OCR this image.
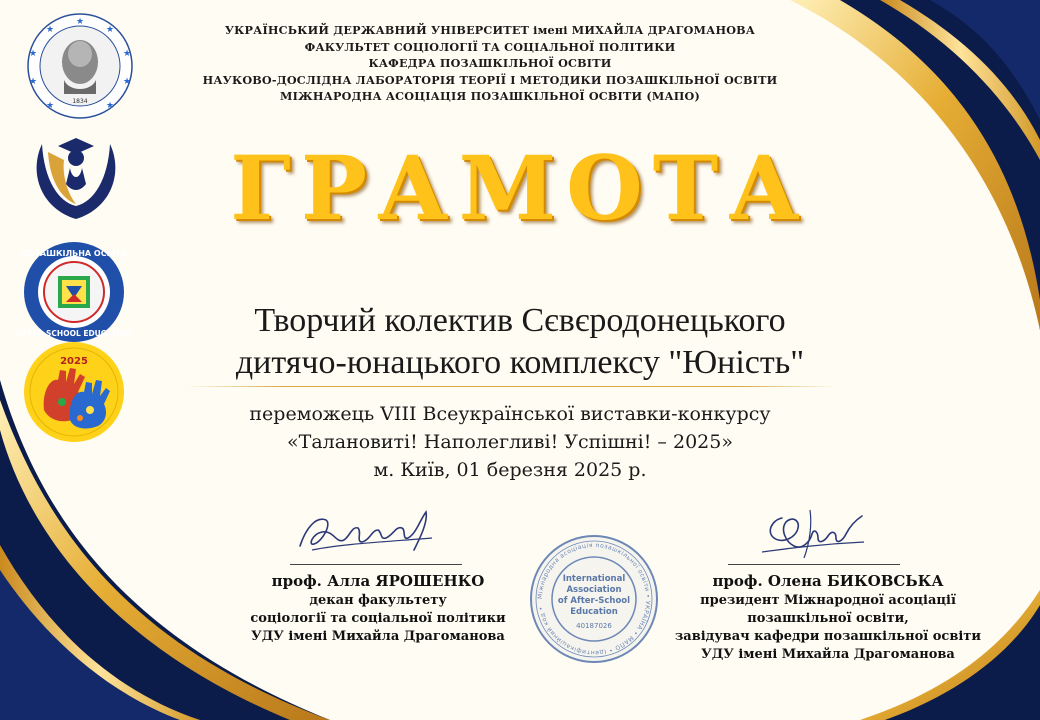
★
★
★
★
★
★
★
★
★
1834
ПОЗАШКІЛЬНА ОСВІТА
AFTER-SCHOOL EDUCATION
2025
УКРАЇНСЬКИЙ ДЕРЖАВНИЙ УНІВЕРСИТЕТ імені МИХАЙЛА ДРАГОМАНОВА
ФАКУЛЬТЕТ СОЦІОЛОГІЇ ТА СОЦІАЛЬНОЇ ПОЛІТИКИ
КАФЕДРА ПОЗАШКІЛЬНОЇ ОСВІТИ
НАУКОВО-ДОСЛІДНА ЛАБОРАТОРІЯ ТЕОРІЇ І МЕТОДИКИ ПОЗАШКІЛЬНОЇ ОСВІТИ
МІЖНАРОДНА АСОЦІАЦІЯ ПОЗАШКІЛЬНОЇ ОСВІТИ (МАПО)
ГРАМОТА
Творчий колектив Сєвєродонецького
дитячо-юнацького комплексу "Юність"
переможець VIII Всеукраїнської виставки-конкурсу
«Талановиті! Наполегливі! Успішні! – 2025»
м. Київ, 01 березня 2025 р.
проф. Алла ЯРОШЕНКО
декан факультету
соціології та соціальної політики
УДУ імені Михайла Драгоманова
проф. Олена БИКОВСЬКА
президент Міжнародної асоціації
позашкільної освіти,
завідувач кафедри позашкільної освіти
УДУ імені Михайла Драгоманова
Міжнародна асоціація позашкільної освіти • УКРАЇНА • МАПО • Ідентифікаційний код •
International
Association
of After-School
Education
40187026
